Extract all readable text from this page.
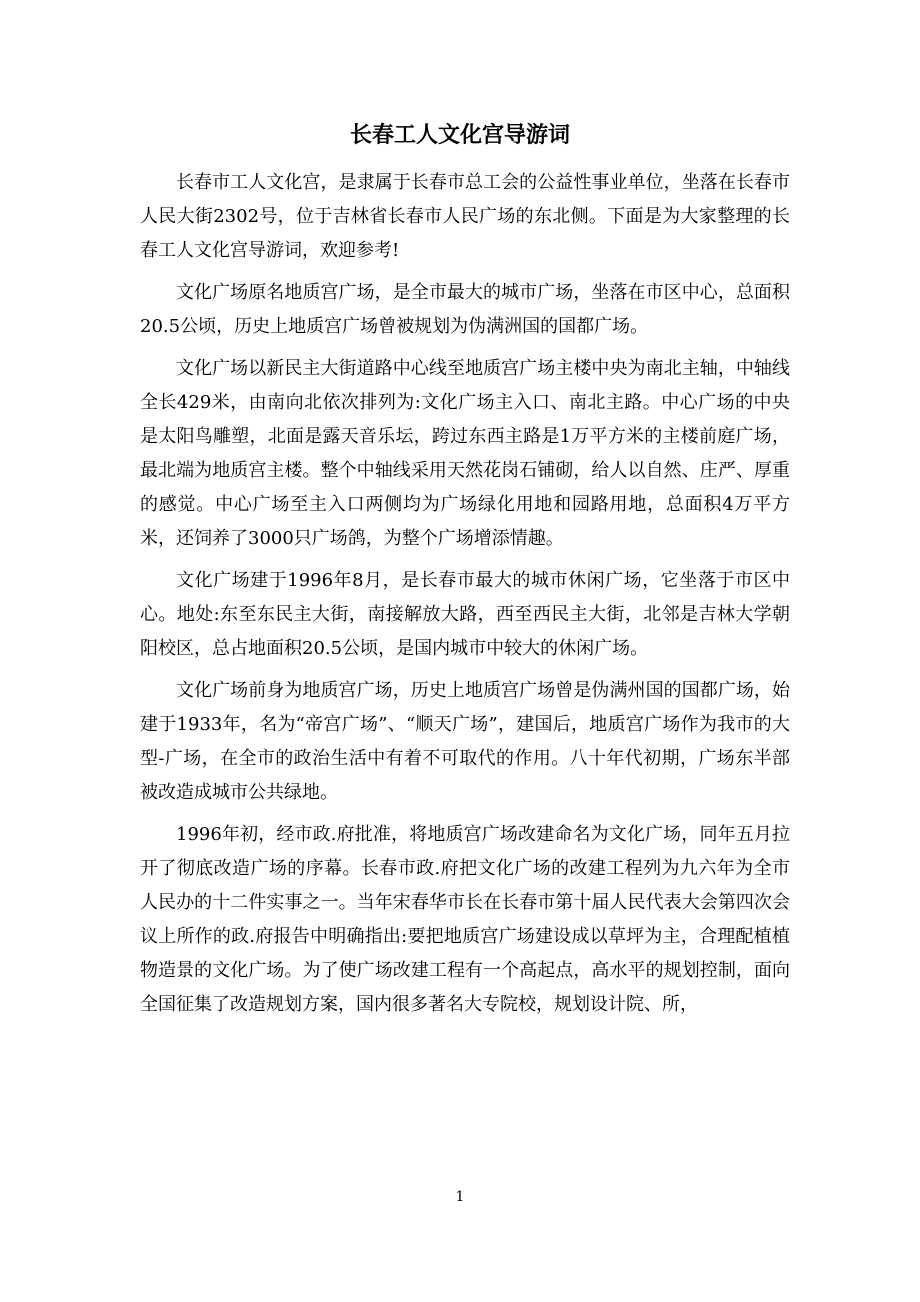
长春工人文化宫导游词

长春市工人文化宫，是隶属于长春市总工会的公益性事业单位，坐落在长春市人民大街2302号，位于吉林省长春市人民广场的东北侧。下面是为大家整理的长春工人文化宫导游词，欢迎参考!

文化广场原名地质宫广场，是全市最大的城市广场，坐落在市区中心，总面积20.5公顷，历史上地质宫广场曾被规划为伪满洲国的国都广场。

文化广场以新民主大街道路中心线至地质宫广场主楼中央为南北主轴，中轴线全长429米，由南向北依次排列为:文化广场主入口、南北主路。中心广场的中央是太阳鸟雕塑，北面是露天音乐坛，跨过东西主路是1万平方米的主楼前庭广场，最北端为地质宫主楼。整个中轴线采用天然花岗石铺砌，给人以自然、庄严、厚重的感觉。中心广场至主入口两侧均为广场绿化用地和园路用地，总面积4万平方米，还饲养了3000只广场鸽，为整个广场增添情趣。

文化广场建于1996年8月，是长春市最大的城市休闲广场，它坐落于市区中心。地处:东至东民主大街，南接解放大路，西至西民主大街，北邻是吉林大学朝阳校区，总占地面积20.5公顷，是国内城市中较大的休闲广场。

文化广场前身为地质宫广场，历史上地质宫广场曾是伪满州国的国都广场，始建于1933年，名为“帝宫广场”、“顺天广场”，建国后，地质宫广场作为我市的大型-广场，在全市的政治生活中有着不可取代的作用。八十年代初期，广场东半部被改造成城市公共绿地。

1996年初，经市政.府批准，将地质宫广场改建命名为文化广场，同年五月拉开了彻底改造广场的序幕。长春市政.府把文化广场的改建工程列为九六年为全市人民办的十二件实事之一。当年宋春华市长在长春市第十届人民代表大会第四次会议上所作的政.府报告中明确指出:要把地质宫广场建设成以草坪为主，合理配植植物造景的文化广场。为了使广场改建工程有一个高起点，高水平的规划控制，面向全国征集了改造规划方案，国内很多著名大专院校，规划设计院、所，

1
